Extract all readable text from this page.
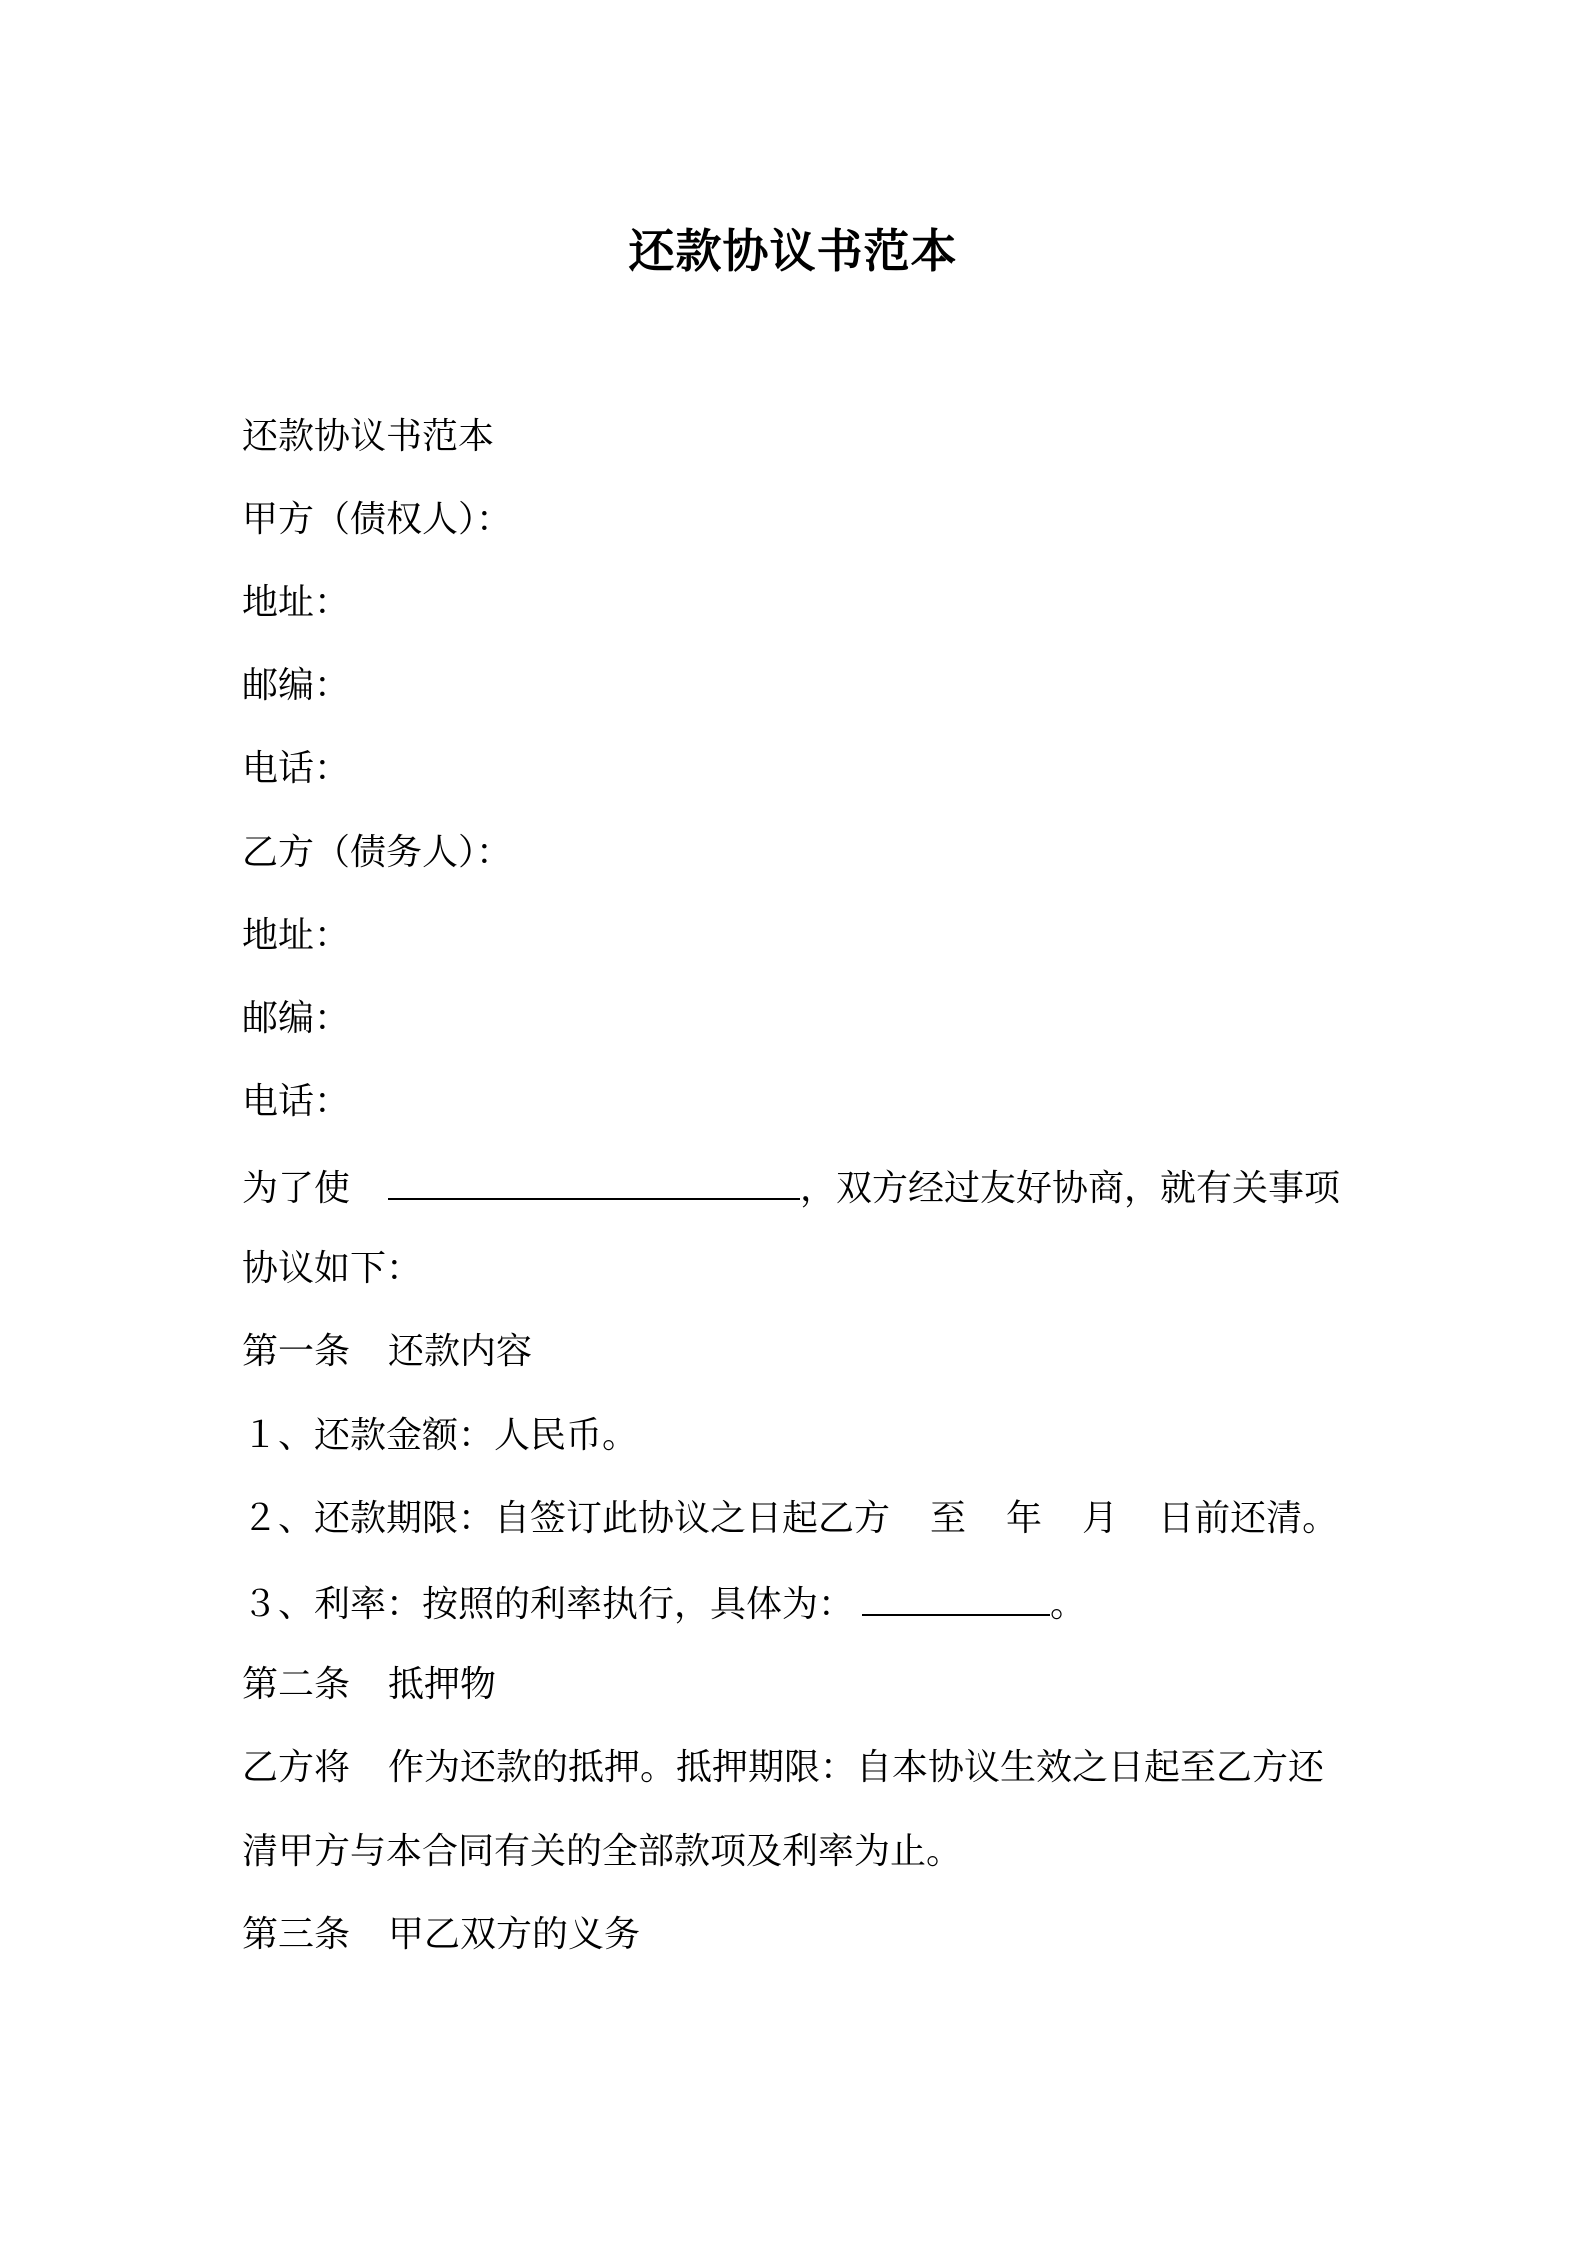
还款协议书范本
还款协议书范本
甲方（债权人）：
地址：
邮编：
电话：
乙方（债务人）：
地址：
邮编：
电话：
为了使	，双方经过友好协商，就有关事项
协议如下：
第一条 还款内容
１、还款金额：人民币。
２、还款期限：自签订此协议之日起乙方 至 年 月 日前还清。
３、利率：按照的利率执行，具体为：	。
第二条 抵押物
乙方将 作为还款的抵押。抵押期限：自本协议生效之日起至乙方还
清甲方与本合同有关的全部款项及利率为止。
第三条 甲乙双方的义务
